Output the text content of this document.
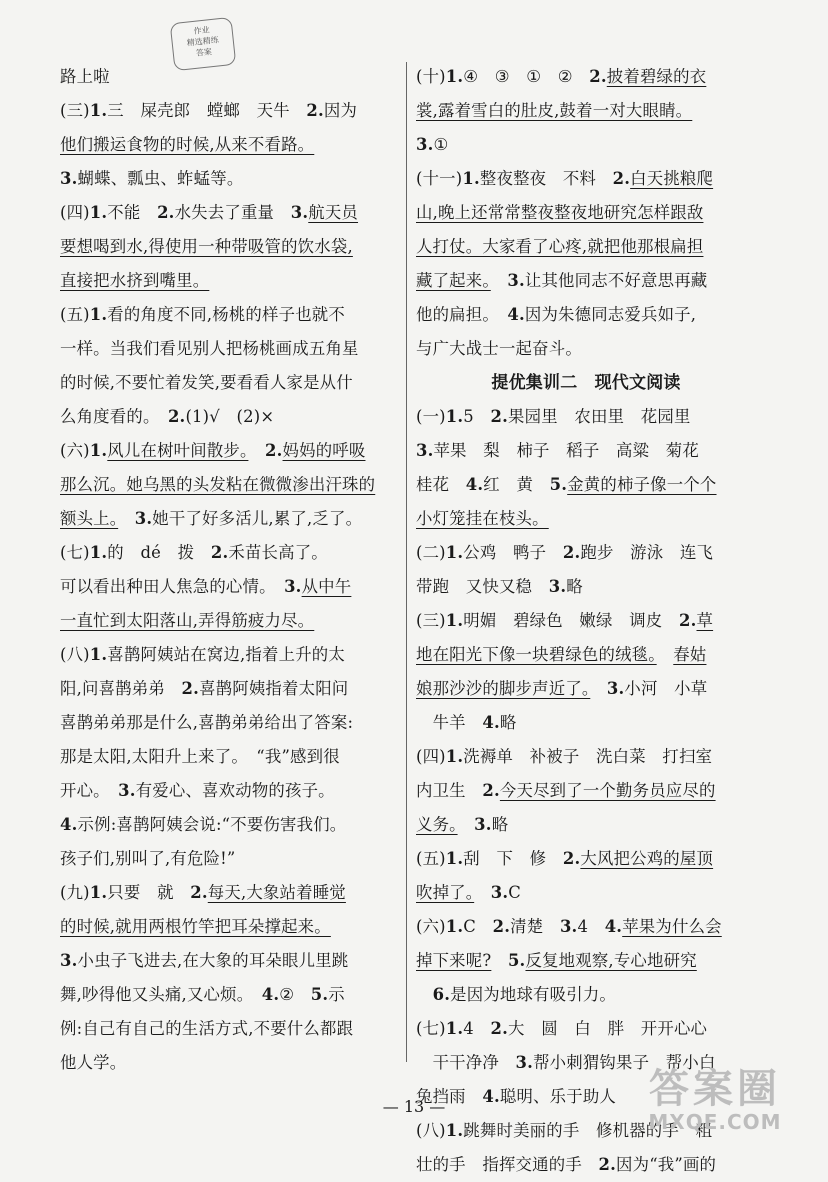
作业
精选精练
答案
路上啦
(三)1.三　屎壳郎　螳螂　天牛　2.因为
他们搬运食物的时候,从来不看路。
3.蝴蝶、瓢虫、蚱蜢等。
(四)1.不能　2.水失去了重量　3.航天员
要想喝到水,得使用一种带吸管的饮水袋,
直接把水挤到嘴里。
(五)1.看的角度不同,杨桃的样子也就不
一样。当我们看见别人把杨桃画成五角星
的时候,不要忙着发笑,要看看人家是从什
么角度看的。　2.(1)√　(2)×
(六)1.风儿在树叶间散步。　 2.妈妈的呼吸
那么沉。她乌黑的头发粘在微微渗出汗珠的
额头上。　 3.她干了好多活儿,累了,乏了。
(七)1.的　dé　拨　2.禾苗长高了。
可以看出种田人焦急的心情。　3.从中午
一直忙到太阳落山,弄得筋疲力尽。
(八)1.喜鹊阿姨站在窝边,指着上升的太
阳,问喜鹊弟弟　2.喜鹊阿姨指着太阳问
喜鹊弟弟那是什么,喜鹊弟弟给出了答案:
那是太阳,太阳升上来了。　“我”感到很
开心。　3.有爱心、喜欢动物的孩子。
4.示例:喜鹊阿姨会说:“不要伤害我们。
孩子们,别叫了,有危险!”
(九)1.只要　就　2.每天,大象站着睡觉
的时候,就用两根竹竿把耳朵撑起来。
3.小虫子飞进去,在大象的耳朵眼儿里跳
舞,吵得他又头痛,又心烦。　4.②　5.示
例:自己有自己的生活方式,不要什么都跟
他人学。
(十)1.④　③　①　②　2.披着碧绿的衣
裳,露着雪白的肚皮,鼓着一对大眼睛。
3.①
(十一)1.整夜整夜　不料　2.白天挑粮爬
山,晚上还常常整夜整夜地研究怎样跟敌
人打仗。大家看了心疼,就把他那根扁担
藏了起来。　 3.让其他同志不好意思再藏
他的扁担。　4.因为朱德同志爱兵如子,
与广大战士一起奋斗。
提优集训二　现代文阅读
(一)1.5　2.果园里　农田里　花园里
3.苹果　梨　柿子　稻子　高粱　菊花
桂花　4.红　黄　5.金黄的柿子像一个个
小灯笼挂在枝头。
(二)1.公鸡　鸭子　2.跑步　游泳　连飞
带跑　又快又稳　3.略
(三)1.明媚　碧绿色　嫩绿　调皮　2.草
地在阳光下像一块碧绿色的绒毯。　 春姑
娘那沙沙的脚步声近了。　 3.小河　小草
　牛羊　4.略
(四)1.洗褥单　补被子　洗白菜　打扫室
内卫生　2.今天尽到了一个勤务员应尽的
义务。　 3.略
(五)1.刮　下　修　2.大风把公鸡的屋顶
吹掉了。　 3.C
(六)1.C　2.清楚　3.4　4.苹果为什么会
掉下来呢?　 5.反复地观察,专心地研究
　6.是因为地球有吸引力。
(七)1.4　2.大　圆　白　胖　开开心心
　干干净净　3.帮小刺猬钩果子　帮小白
兔挡雨　4.聪明、乐于助人
(八)1.跳舞时美丽的手　修机器的手　粗
壮的手　指挥交通的手　2.因为“我”画的
— 13 —	答案圈
MXQE.COM
